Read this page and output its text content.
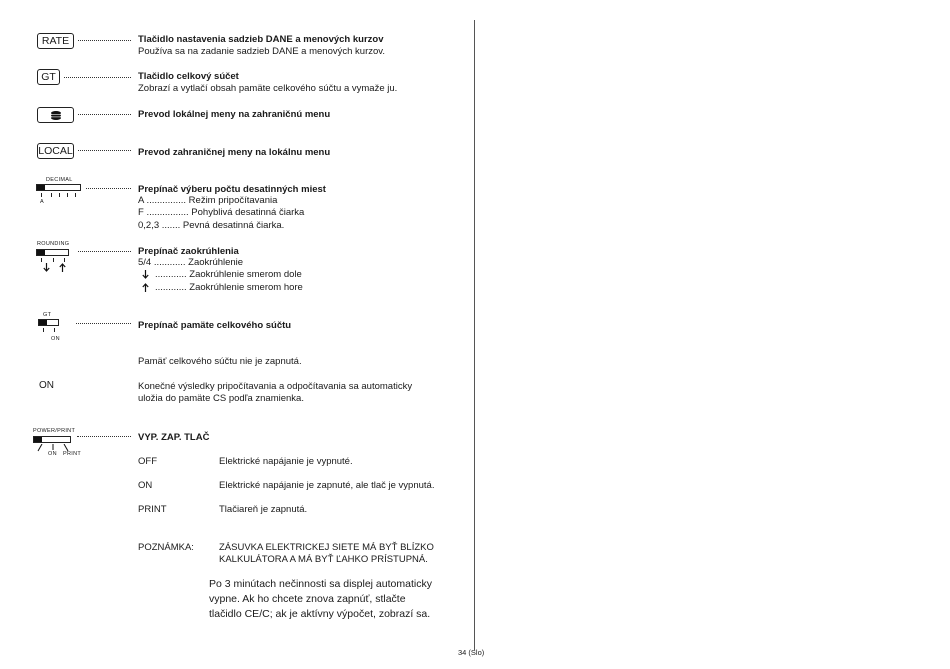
RATE	Tlačidlo nastavenia sadzieb DANE a menových kurzov
Používa sa na zadanie sadzieb DANE a menových kurzov.
GT	Tlačidlo celkový súčet
Zobrazí a vytlačí obsah pamäte celkového súčtu a vymaže ju.
Prevod lokálnej meny na zahraničnú menu
LOCAL	Prevod zahraničnej meny na lokálnu menu
DECIMAL
A
Prepínač výberu počtu desatinných miest
A ............... Režim pripočítavania
F ................ Pohyblivá desatinná čiarka
0,2,3 ....... Pevná desatinná čiarka.
ROUNDING
Prepínač zaokrúhlenia
5/4 ............ Zaokrúhlenie
............ Zaokrúhlenie smerom dole
............ Zaokrúhlenie smerom hore
GT
ON
Prepínač pamäte celkového súčtu
Pamäť celkového súčtu nie je zapnutá.
ON	Konečné výsledky pripočítavania a odpočítavania sa automaticky
uložia do pamäte CS podľa znamienka.
POWER/PRINT
ON PRINT
VYP. ZAP. TLAČ
OFF	Elektrické napájanie je vypnuté.
ON	Elektrické napájanie je zapnuté, ale tlač je vypnutá.
PRINT	Tlačiareň je zapnutá.
POZNÁMKA:	ZÁSUVKA ELEKTRICKEJ SIETE MÁ BYŤ BLÍZKO
KALKULÁTORA A MÁ BYŤ ĽAHKO PRÍSTUPNÁ.
Po 3 minútach nečinnosti sa displej automaticky
vypne. Ak ho chcete znova zapnúť, stlačte
tlačidlo CE/C; ak je aktívny výpočet, zobrazí sa.
34 (Slo)
